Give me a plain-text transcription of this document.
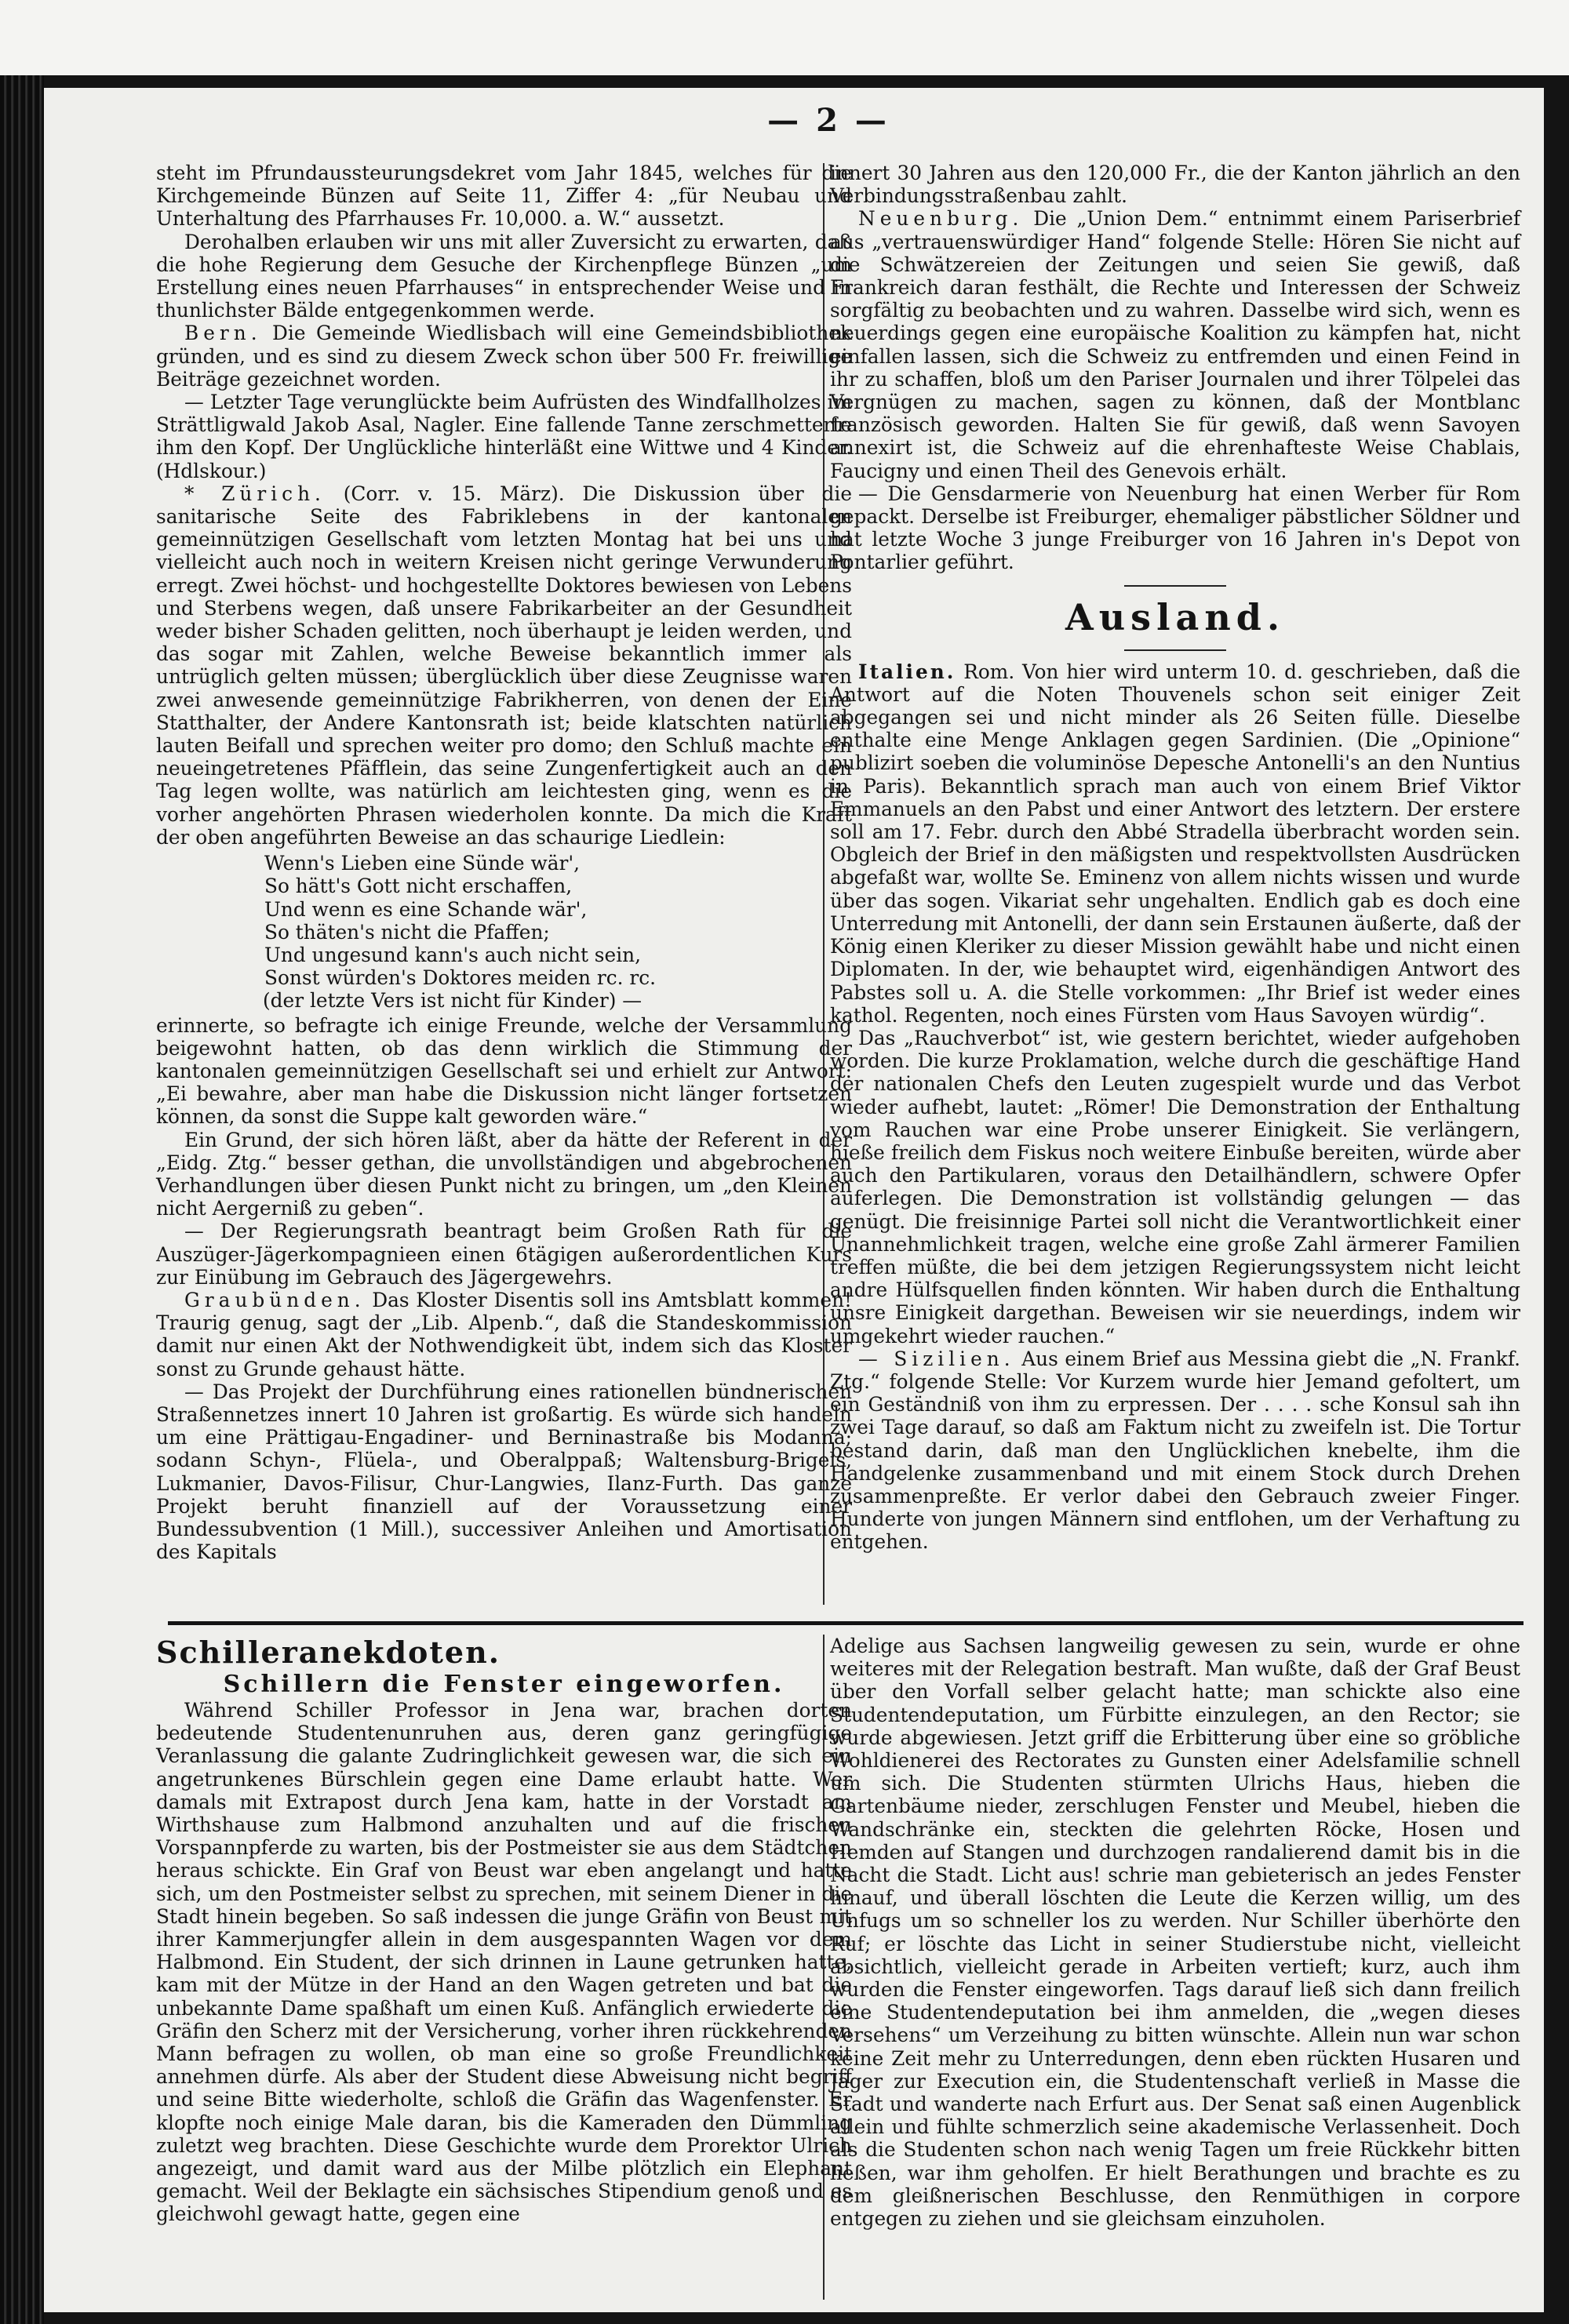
— 2 —

steht im Pfrundaussteurungsdekret vom Jahr 1845, welches für die Kirchgemeinde Bünzen auf Seite 11, Ziffer 4: „für Neubau und Unterhaltung des Pfarrhauses Fr. 10,000. a. W.“ aussetzt.

Derohalben erlauben wir uns mit aller Zuversicht zu erwarten, daß die hohe Regierung dem Gesuche der Kirchenpflege Bünzen „um Erstellung eines neuen Pfarrhauses“ in entsprechender Weise und in thunlichster Bälde entgegenkommen werde.

Bern. Die Gemeinde Wiedlisbach will eine Gemeindsbibliothek gründen, und es sind zu diesem Zweck schon über 500 Fr. freiwillige Beiträge gezeichnet worden.

— Letzter Tage verunglückte beim Aufrüsten des Windfallholzes im Strättligwald Jakob Asal, Nagler. Eine fallende Tanne zerschmetterte ihm den Kopf. Der Unglückliche hinterläßt eine Wittwe und 4 Kinder. (Hdlskour.)

* Zürich. (Corr. v. 15. März). Die Diskussion über die sanitarische Seite des Fabriklebens in der kantonalen gemeinnützigen Gesellschaft vom letzten Montag hat bei uns und vielleicht auch noch in weitern Kreisen nicht geringe Verwunderung erregt. Zwei höchst- und hochgestellte Doktores bewiesen von Lebens und Sterbens wegen, daß unsere Fabrikarbeiter an der Gesundheit weder bisher Schaden gelitten, noch überhaupt je leiden werden, und das sogar mit Zahlen, welche Beweise bekanntlich immer als untrüglich gelten müssen; überglücklich über diese Zeugnisse waren zwei anwesende gemeinnützige Fabrikherren, von denen der Eine Statthalter, der Andere Kantonsrath ist; beide klatschten natürlich lauten Beifall und sprechen weiter pro domo; den Schluß machte ein neueingetretenes Pfäfflein, das seine Zungenfertigkeit auch an den Tag legen wollte, was natürlich am leichtesten ging, wenn es die vorher angehörten Phrasen wiederholen konnte. Da mich die Kraft der oben angeführten Beweise an das schaurige Liedlein:

Wenn's Lieben eine Sünde wär',
So hätt's Gott nicht erschaffen,
Und wenn es eine Schande wär',
So thäten's nicht die Pfaffen;
Und ungesund kann's auch nicht sein,
Sonst würden's Doktores meiden rc. rc.
(der letzte Vers ist nicht für Kinder) —

erinnerte, so befragte ich einige Freunde, welche der Versammlung beigewohnt hatten, ob das denn wirklich die Stimmung der kantonalen gemeinnützigen Gesellschaft sei und erhielt zur Antwort: „Ei bewahre, aber man habe die Diskussion nicht länger fortsetzen können, da sonst die Suppe kalt geworden wäre.“

Ein Grund, der sich hören läßt, aber da hätte der Referent in der „Eidg. Ztg.“ besser gethan, die unvollständigen und abgebrochenen Verhandlungen über diesen Punkt nicht zu bringen, um „den Kleinen nicht Aergerniß zu geben“.

— Der Regierungsrath beantragt beim Großen Rath für die Auszüger-Jägerkompagnieen einen 6tägigen außerordentlichen Kurs zur Einübung im Gebrauch des Jägergewehrs.

Graubünden. Das Kloster Disentis soll ins Amtsblatt kommen! Traurig genug, sagt der „Lib. Alpenb.“, daß die Standeskommission damit nur einen Akt der Nothwendigkeit übt, indem sich das Kloster sonst zu Grunde gehaust hätte.

— Das Projekt der Durchführung eines rationellen bündnerischen Straßennetzes innert 10 Jahren ist großartig. Es würde sich handeln um eine Prättigau-Engadiner- und Berninastraße bis Modanna; sodann Schyn-, Flüela-, und Oberalppaß; Waltensburg-Brigels, Lukmanier, Davos-Filisur, Chur-Langwies, Ilanz-Furth. Das ganze Projekt beruht finanziell auf der Voraussetzung einer Bundessubvention (1 Mill.), successiver Anleihen und Amortisation des Kapitals

innert 30 Jahren aus den 120,000 Fr., die der Kanton jährlich an den Verbindungsstraßenbau zahlt.

Neuenburg. Die „Union Dem.“ entnimmt einem Pariserbrief aus „vertrauenswürdiger Hand“ folgende Stelle: Hören Sie nicht auf die Schwätzereien der Zeitungen und seien Sie gewiß, daß Frankreich daran festhält, die Rechte und Interessen der Schweiz sorgfältig zu beobachten und zu wahren. Dasselbe wird sich, wenn es neuerdings gegen eine europäische Koalition zu kämpfen hat, nicht einfallen lassen, sich die Schweiz zu entfremden und einen Feind in ihr zu schaffen, bloß um den Pariser Journalen und ihrer Tölpelei das Vergnügen zu machen, sagen zu können, daß der Montblanc französisch geworden. Halten Sie für gewiß, daß wenn Savoyen annexirt ist, die Schweiz auf die ehrenhafteste Weise Chablais, Faucigny und einen Theil des Genevois erhält.

— Die Gensdarmerie von Neuenburg hat einen Werber für Rom gepackt. Derselbe ist Freiburger, ehemaliger päbstlicher Söldner und hat letzte Woche 3 junge Freiburger von 16 Jahren in's Depot von Pontarlier geführt.

Ausland.

Italien. Rom. Von hier wird unterm 10. d. geschrieben, daß die Antwort auf die Noten Thouvenels schon seit einiger Zeit abgegangen sei und nicht minder als 26 Seiten fülle. Dieselbe enthalte eine Menge Anklagen gegen Sardinien. (Die „Opinione“ publizirt soeben die voluminöse Depesche Antonelli's an den Nuntius in Paris). Bekanntlich sprach man auch von einem Brief Viktor Emmanuels an den Pabst und einer Antwort des letztern. Der erstere soll am 17. Febr. durch den Abbé Stradella überbracht worden sein. Obgleich der Brief in den mäßigsten und respektvollsten Ausdrücken abgefaßt war, wollte Se. Eminenz von allem nichts wissen und wurde über das sogen. Vikariat sehr ungehalten. Endlich gab es doch eine Unterredung mit Antonelli, der dann sein Erstaunen äußerte, daß der König einen Kleriker zu dieser Mission gewählt habe und nicht einen Diplomaten. In der, wie behauptet wird, eigenhändigen Antwort des Pabstes soll u. A. die Stelle vorkommen: „Ihr Brief ist weder eines kathol. Regenten, noch eines Fürsten vom Haus Savoyen würdig“.

Das „Rauchverbot“ ist, wie gestern berichtet, wieder aufgehoben worden. Die kurze Proklamation, welche durch die geschäftige Hand der nationalen Chefs den Leuten zugespielt wurde und das Verbot wieder aufhebt, lautet: „Römer! Die Demonstration der Enthaltung vom Rauchen war eine Probe unserer Einigkeit. Sie verlängern, hieße freilich dem Fiskus noch weitere Einbuße bereiten, würde aber auch den Partikularen, voraus den Detailhändlern, schwere Opfer auferlegen. Die Demonstration ist vollständig gelungen — das genügt. Die freisinnige Partei soll nicht die Verantwortlichkeit einer Unannehmlichkeit tragen, welche eine große Zahl ärmerer Familien treffen müßte, die bei dem jetzigen Regierungssystem nicht leicht andre Hülfsquellen finden könnten. Wir haben durch die Enthaltung unsre Einigkeit dargethan. Beweisen wir sie neuerdings, indem wir umgekehrt wieder rauchen.“

— Sizilien. Aus einem Brief aus Messina giebt die „N. Frankf. Ztg.“ folgende Stelle: Vor Kurzem wurde hier Jemand gefoltert, um ein Geständniß von ihm zu erpressen. Der . . . . sche Konsul sah ihn zwei Tage darauf, so daß am Faktum nicht zu zweifeln ist. Die Tortur bestand darin, daß man den Unglücklichen knebelte, ihm die Handgelenke zusammenband und mit einem Stock durch Drehen zusammenpreßte. Er verlor dabei den Gebrauch zweier Finger. Hunderte von jungen Männern sind entflohen, um der Verhaftung zu entgehen.

Schilleranekdoten.

Schillern die Fenster eingeworfen.

Während Schiller Professor in Jena war, brachen dorten bedeutende Studentenunruhen aus, deren ganz geringfügige Veranlassung die galante Zudringlichkeit gewesen war, die sich ein angetrunkenes Bürschlein gegen eine Dame erlaubt hatte. Wer damals mit Extrapost durch Jena kam, hatte in der Vorstadt am Wirthshause zum Halbmond anzuhalten und auf die frischen Vorspannpferde zu warten, bis der Postmeister sie aus dem Städtchen heraus schickte. Ein Graf von Beust war eben angelangt und hatte sich, um den Postmeister selbst zu sprechen, mit seinem Diener in die Stadt hinein begeben. So saß indessen die junge Gräfin von Beust mit ihrer Kammerjungfer allein in dem ausgespannten Wagen vor dem Halbmond. Ein Student, der sich drinnen in Laune getrunken hatte, kam mit der Mütze in der Hand an den Wagen getreten und bat die unbekannte Dame spaßhaft um einen Kuß. Anfänglich erwiederte die Gräfin den Scherz mit der Versicherung, vorher ihren rückkehrenden Mann befragen zu wollen, ob man eine so große Freundlichkeit annehmen dürfe. Als aber der Student diese Abweisung nicht begriff und seine Bitte wiederholte, schloß die Gräfin das Wagenfenster. Er klopfte noch einige Male daran, bis die Kameraden den Dümmling zuletzt weg brachten. Diese Geschichte wurde dem Prorektor Ulrich angezeigt, und damit ward aus der Milbe plötzlich ein Elephant gemacht. Weil der Beklagte ein sächsisches Stipendium genoß und es gleichwohl gewagt hatte, gegen eine

Adelige aus Sachsen langweilig gewesen zu sein, wurde er ohne weiteres mit der Relegation bestraft. Man wußte, daß der Graf Beust über den Vorfall selber gelacht hatte; man schickte also eine Studentendeputation, um Fürbitte einzulegen, an den Rector; sie wurde abgewiesen. Jetzt griff die Erbitterung über eine so gröbliche Wohldienerei des Rectorates zu Gunsten einer Adelsfamilie schnell um sich. Die Studenten stürmten Ulrichs Haus, hieben die Gartenbäume nieder, zerschlugen Fenster und Meubel, hieben die Wandschränke ein, steckten die gelehrten Röcke, Hosen und Hemden auf Stangen und durchzogen randalierend damit bis in die Nacht die Stadt. Licht aus! schrie man gebieterisch an jedes Fenster hinauf, und überall löschten die Leute die Kerzen willig, um des Unfugs um so schneller los zu werden. Nur Schiller überhörte den Ruf; er löschte das Licht in seiner Studierstube nicht, vielleicht absichtlich, vielleicht gerade in Arbeiten vertieft; kurz, auch ihm wurden die Fenster eingeworfen. Tags darauf ließ sich dann freilich eine Studentendeputation bei ihm anmelden, die „wegen dieses Versehens“ um Verzeihung zu bitten wünschte. Allein nun war schon keine Zeit mehr zu Unterredungen, denn eben rückten Husaren und Jäger zur Execution ein, die Studentenschaft verließ in Masse die Stadt und wanderte nach Erfurt aus. Der Senat saß einen Augenblick allein und fühlte schmerzlich seine akademische Verlassenheit. Doch als die Studenten schon nach wenig Tagen um freie Rückkehr bitten ließen, war ihm geholfen. Er hielt Berathungen und brachte es zu dem gleißnerischen Beschlusse, den Renmüthigen in corpore entgegen zu ziehen und sie gleichsam einzuholen.
